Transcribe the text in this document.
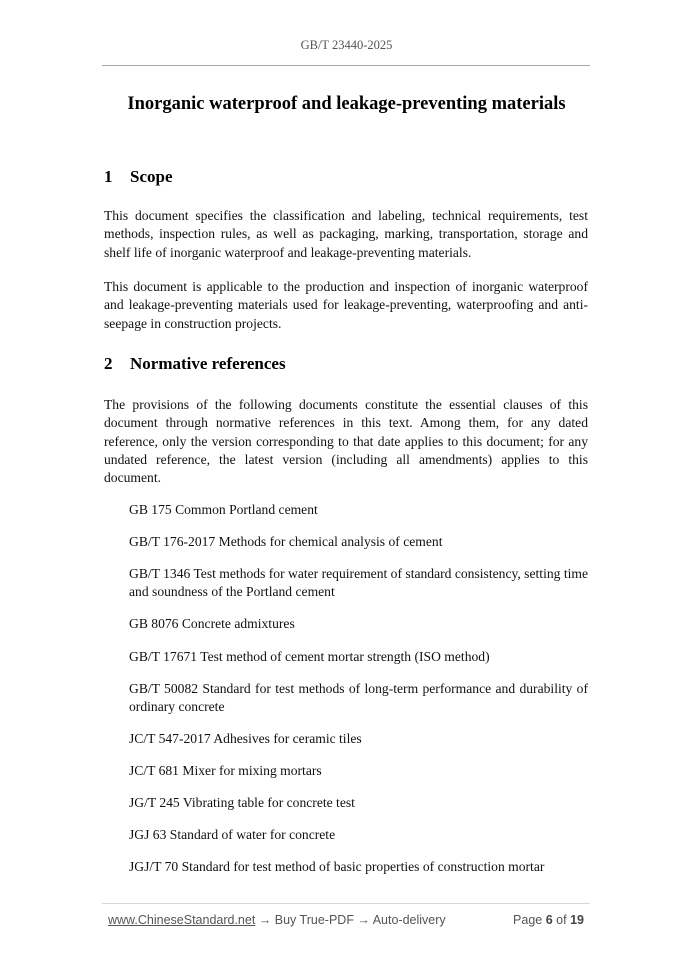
GB/T 23440-2025
Inorganic waterproof and leakage-preventing materials
1 Scope
This document specifies the classification and labeling, technical requirements, test methods, inspection rules, as well as packaging, marking, transportation, storage and shelf life of inorganic waterproof and leakage-preventing materials.
This document is applicable to the production and inspection of inorganic waterproof and leakage-preventing materials used for leakage-preventing, waterproofing and anti-seepage in construction projects.
2 Normative references
The provisions of the following documents constitute the essential clauses of this document through normative references in this text. Among them, for any dated reference, only the version corresponding to that date applies to this document; for any undated reference, the latest version (including all amendments) applies to this document.
GB 175 Common Portland cement
GB/T 176-2017 Methods for chemical analysis of cement
GB/T 1346 Test methods for water requirement of standard consistency, setting time and soundness of the Portland cement
GB 8076 Concrete admixtures
GB/T 17671 Test method of cement mortar strength (ISO method)
GB/T 50082 Standard for test methods of long-term performance and durability of ordinary concrete
JC/T 547-2017 Adhesives for ceramic tiles
JC/T 681 Mixer for mixing mortars
JG/T 245 Vibrating table for concrete test
JGJ 63 Standard of water for concrete
JGJ/T 70 Standard for test method of basic properties of construction mortar
www.ChineseStandard.net → Buy True-PDF → Auto-delivery	Page 6 of 19
